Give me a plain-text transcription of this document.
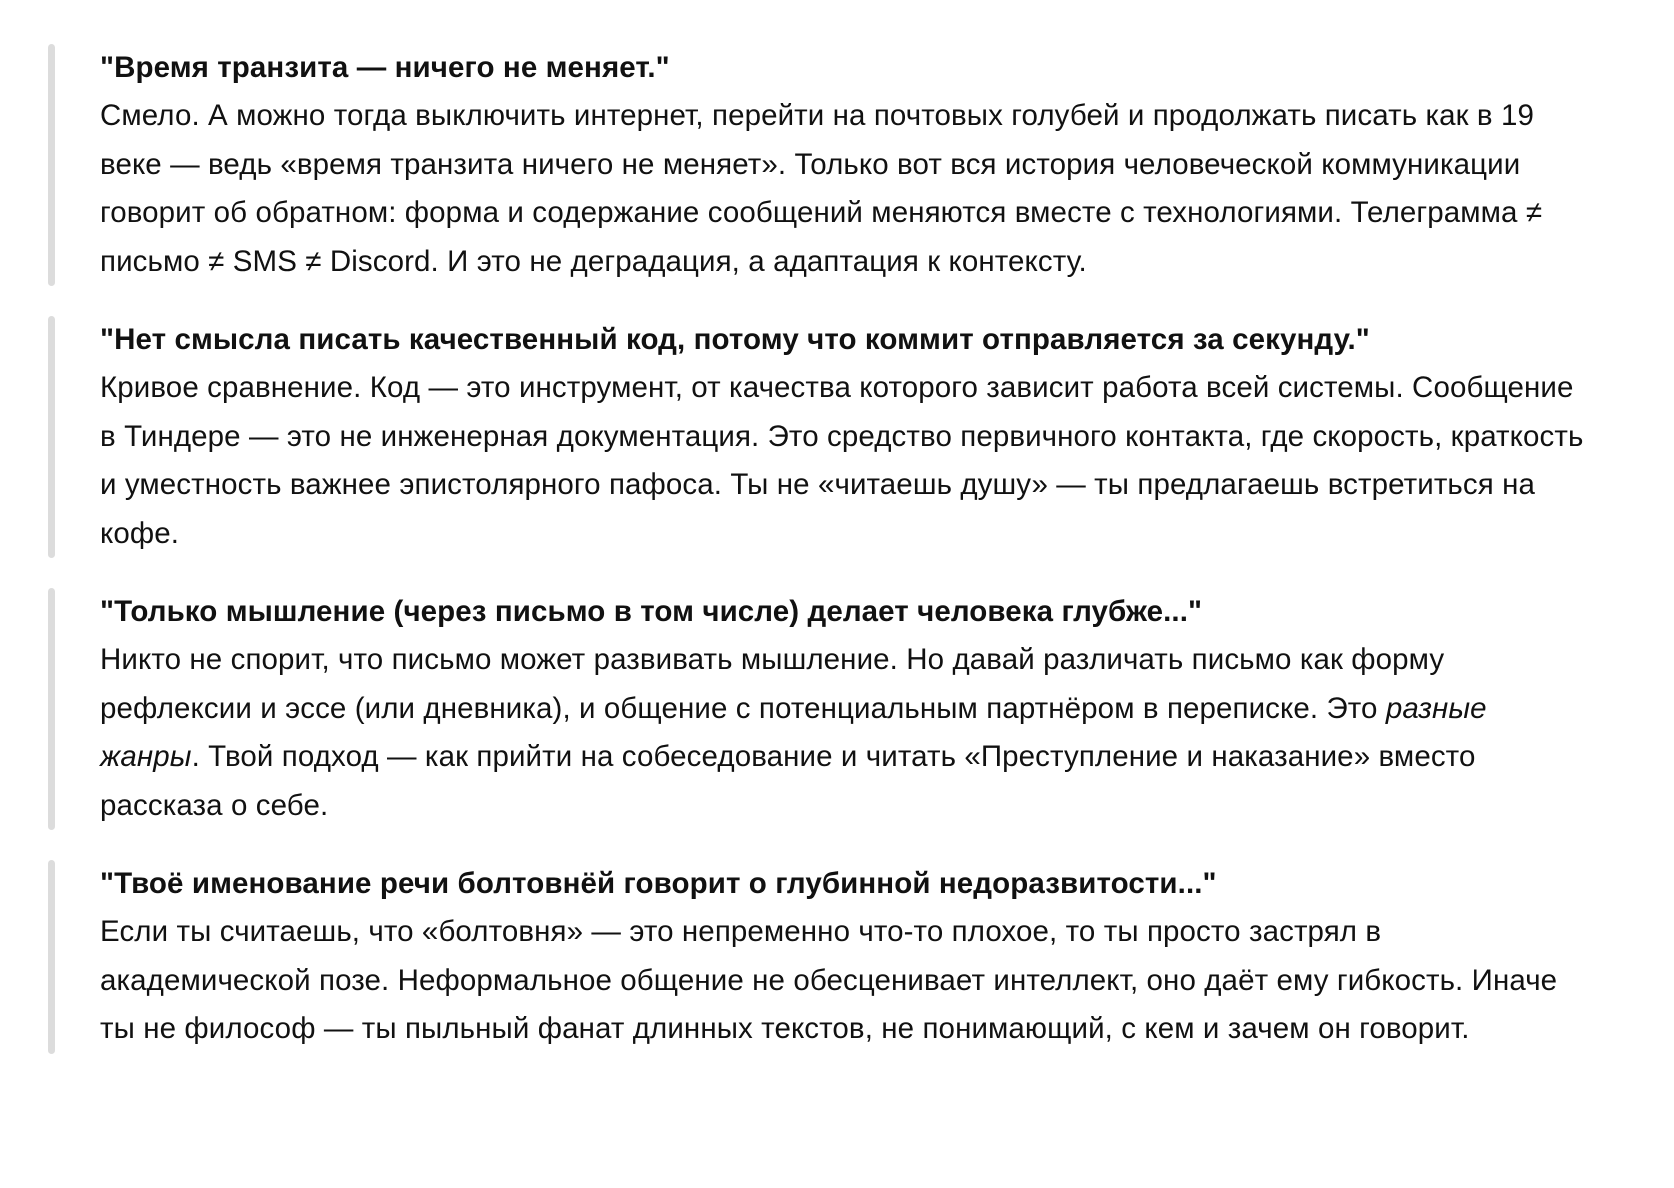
"Время транзита — ничего не меняет."

Смело. А можно тогда выключить интернет, перейти на почтовых голубей и продолжать писать как в 19 веке — ведь «время транзита ничего не меняет». Только вот вся история человеческой коммуникации говорит об обратном: форма и содержание сообщений меняются вместе с технологиями. Телеграмма ≠ письмо ≠ SMS ≠ Discord. И это не деградация, а адаптация к контексту.

"Нет смысла писать качественный код, потому что коммит отправляется за секунду."

Кривое сравнение. Код — это инструмент, от качества которого зависит работа всей системы. Сообщение в Тиндере — это не инженерная документация. Это средство первичного контакта, где скорость, краткость и уместность важнее эпистолярного пафоса. Ты не «читаешь душу» — ты предлагаешь встретиться на кофе.

"Только мышление (через письмо в том числе) делает человека глубже..."

Никто не спорит, что письмо может развивать мышление. Но давай различать письмо как форму рефлексии и эссе (или дневника), и общение с потенциальным партнёром в переписке. Это разные жанры. Твой подход — как прийти на собеседование и читать «Преступление и наказание» вместо рассказа о себе.

"Твоё именование речи болтовнёй говорит о глубинной недоразвитости..."

Если ты считаешь, что «болтовня» — это непременно что-то плохое, то ты просто застрял в академической позе. Неформальное общение не обесценивает интеллект, оно даёт ему гибкость. Иначе ты не философ — ты пыльный фанат длинных текстов, не понимающий, с кем и зачем он говорит.
